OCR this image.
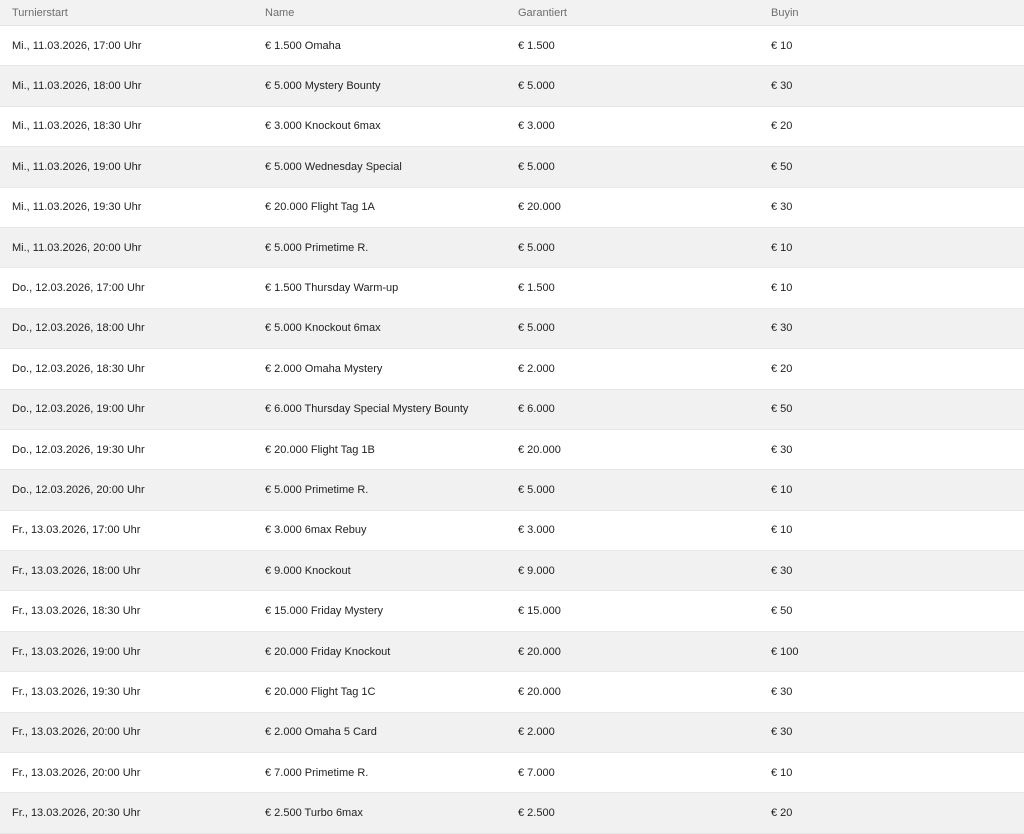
Turnierstart	Name	Garantiert	Buyin
Mi., 11.03.2026, 17:00 Uhr	€ 1.500 Omaha	€ 1.500	€ 10
Mi., 11.03.2026, 18:00 Uhr	€ 5.000 Mystery Bounty	€ 5.000	€ 30
Mi., 11.03.2026, 18:30 Uhr	€ 3.000 Knockout 6max	€ 3.000	€ 20
Mi., 11.03.2026, 19:00 Uhr	€ 5.000 Wednesday Special	€ 5.000	€ 50
Mi., 11.03.2026, 19:30 Uhr	€ 20.000 Flight Tag 1A	€ 20.000	€ 30
Mi., 11.03.2026, 20:00 Uhr	€ 5.000 Primetime R.	€ 5.000	€ 10
Do., 12.03.2026, 17:00 Uhr	€ 1.500 Thursday Warm-up	€ 1.500	€ 10
Do., 12.03.2026, 18:00 Uhr	€ 5.000 Knockout 6max	€ 5.000	€ 30
Do., 12.03.2026, 18:30 Uhr	€ 2.000 Omaha Mystery	€ 2.000	€ 20
Do., 12.03.2026, 19:00 Uhr	€ 6.000 Thursday Special Mystery Bounty	€ 6.000	€ 50
Do., 12.03.2026, 19:30 Uhr	€ 20.000 Flight Tag 1B	€ 20.000	€ 30
Do., 12.03.2026, 20:00 Uhr	€ 5.000 Primetime R.	€ 5.000	€ 10
Fr., 13.03.2026, 17:00 Uhr	€ 3.000 6max Rebuy	€ 3.000	€ 10
Fr., 13.03.2026, 18:00 Uhr	€ 9.000 Knockout	€ 9.000	€ 30
Fr., 13.03.2026, 18:30 Uhr	€ 15.000 Friday Mystery	€ 15.000	€ 50
Fr., 13.03.2026, 19:00 Uhr	€ 20.000 Friday Knockout	€ 20.000	€ 100
Fr., 13.03.2026, 19:30 Uhr	€ 20.000 Flight Tag 1C	€ 20.000	€ 30
Fr., 13.03.2026, 20:00 Uhr	€ 2.000 Omaha 5 Card	€ 2.000	€ 30
Fr., 13.03.2026, 20:00 Uhr	€ 7.000 Primetime R.	€ 7.000	€ 10
Fr., 13.03.2026, 20:30 Uhr	€ 2.500 Turbo 6max	€ 2.500	€ 20
